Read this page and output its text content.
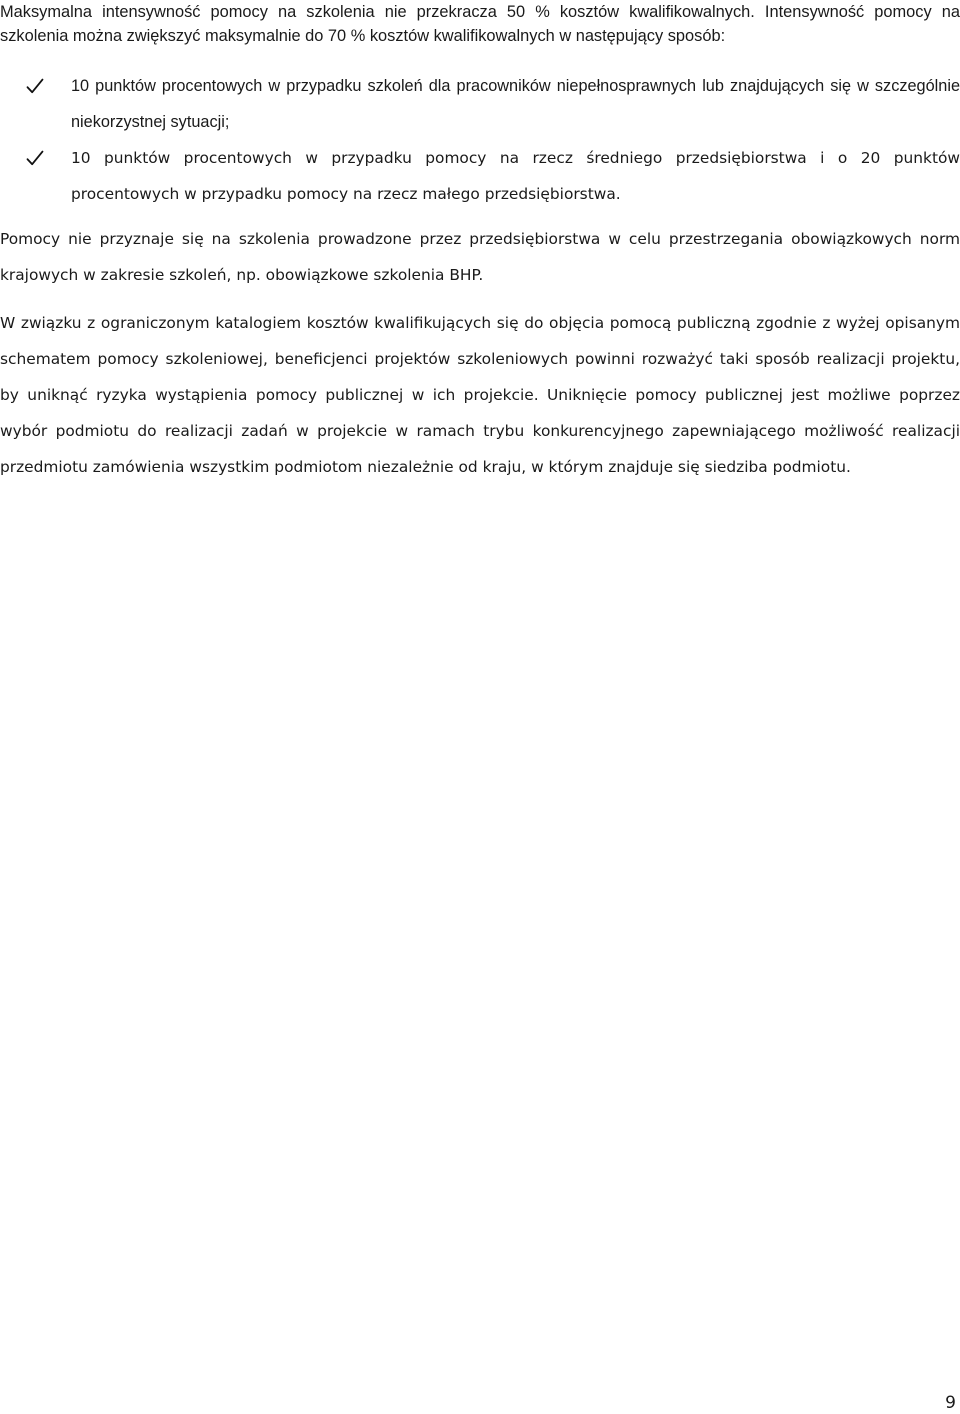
Maksymalna intensywność pomocy na szkolenia nie przekracza 50 % kosztów kwalifikowalnych. Intensywność pomocy na szkolenia można zwiększyć maksymalnie do 70 % kosztów kwalifikowalnych w następujący sposób:

10 punktów procentowych w przypadku szkoleń dla pracowników niepełnosprawnych lub znajdujących się w szczególnie niekorzystnej sytuacji;
10 punktów procentowych w przypadku pomocy na rzecz średniego przedsiębiorstwa i o 20 punktów procentowych w przypadku pomocy na rzecz małego przedsiębiorstwa.

Pomocy nie przyznaje się na szkolenia prowadzone przez przedsiębiorstwa w celu przestrzegania obowiązkowych norm krajowych w zakresie szkoleń, np. obowiązkowe szkolenia BHP.

W związku z ograniczonym katalogiem kosztów kwalifikujących się do objęcia pomocą publiczną zgodnie z wyżej opisanym schematem pomocy szkoleniowej, beneficjenci projektów szkoleniowych powinni rozważyć taki sposób realizacji projektu, by uniknąć ryzyka wystąpienia pomocy publicznej w ich projekcie. Uniknięcie pomocy publicznej jest możliwe poprzez wybór podmiotu do realizacji zadań w projekcie w ramach trybu konkurencyjnego zapewniającego możliwość realizacji przedmiotu zamówienia wszystkim podmiotom niezależnie od kraju, w którym znajduje się siedziba podmiotu.

9
